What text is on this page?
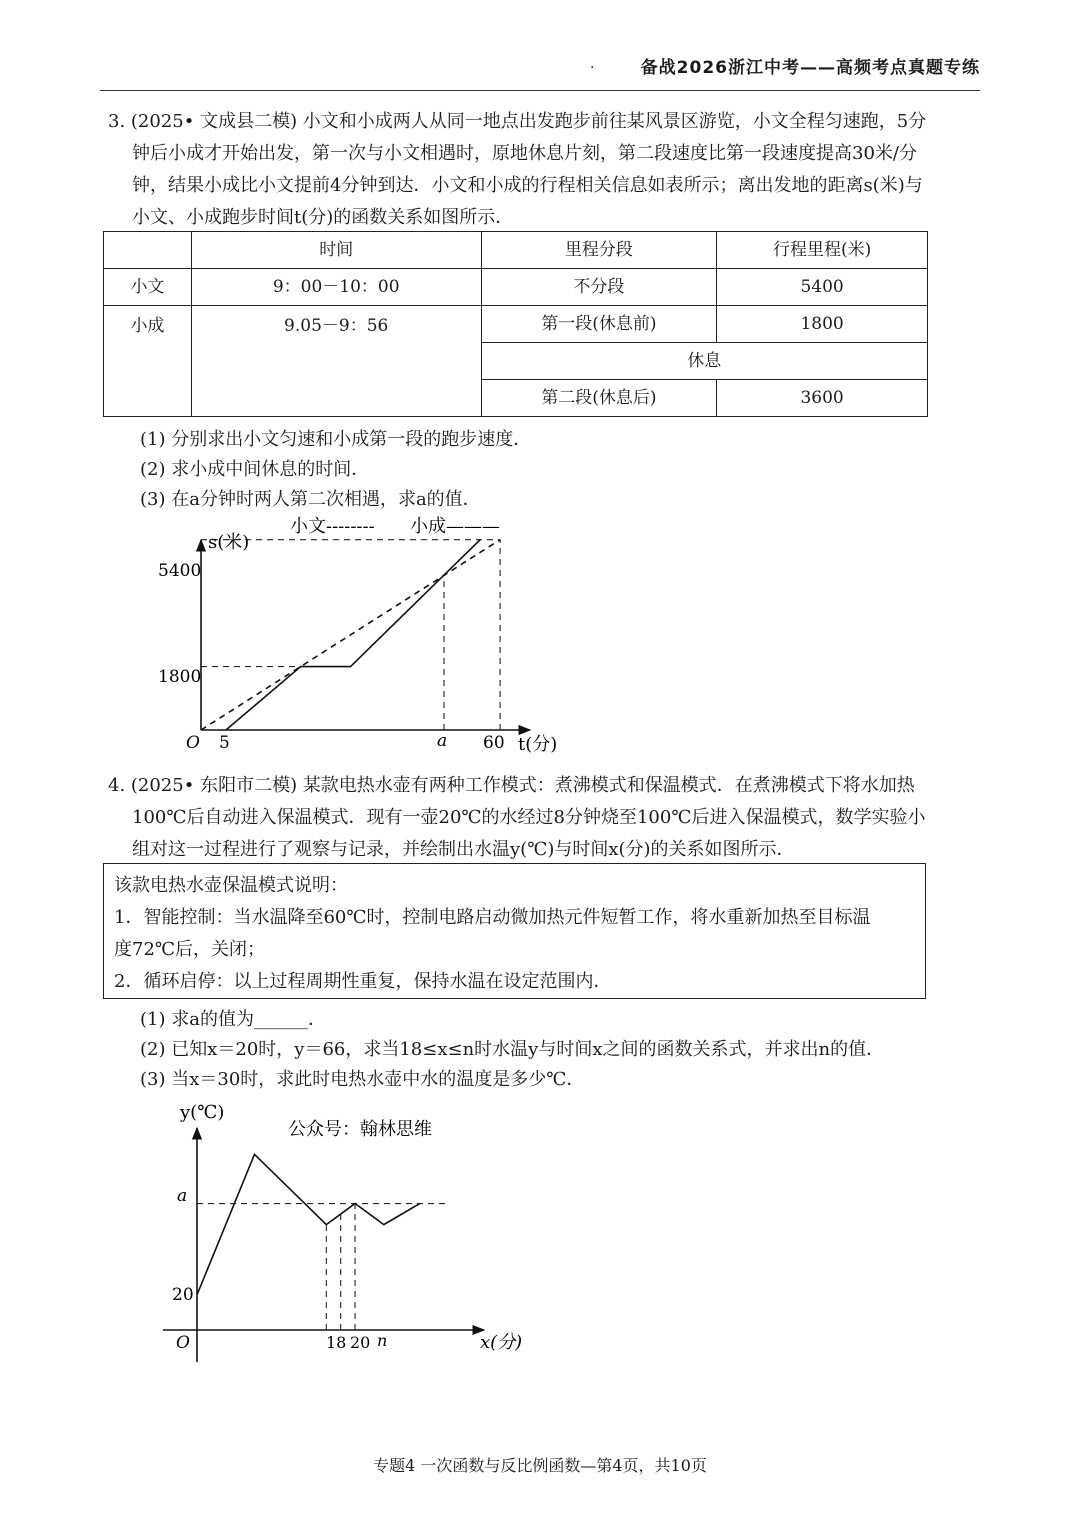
·	备战2026浙江中考——高频考点真题专练
3. (2025• 文成县二模) 小文和小成两人从同一地点出发跑步前往某风景区游览，小文全程匀速跑，5分
钟后小成才开始出发，第一次与小文相遇时，原地休息片刻，第二段速度比第一段速度提高30米/分
钟，结果小成比小文提前4分钟到达．小文和小成的行程相关信息如表所示；离出发地的距离s(米)与
小文、小成跑步时间t(分)的函数关系如图所示．
	时间	里程分段	行程里程(米)
小文	9：00－10：00	不分段	5400
小成	9.05－9：56	第一段(休息前)	1800
		休息	
		第二段(休息后)	3600
(1) 分别求出小文匀速和小成第一段的跑步速度．
(2) 求小成中间休息的时间．
(3) 在a分钟时两人第二次相遇，求a的值．
小文-------- 小成———
s(米)
t(分)
O
5400
1800
5	a 60
4. (2025• 东阳市二模) 某款电热水壶有两种工作模式：煮沸模式和保温模式．在煮沸模式下将水加热
100℃后自动进入保温模式．现有一壶20℃的水经过8分钟烧至100℃后进入保温模式，数学实验小
组对这一过程进行了观察与记录，并绘制出水温y(℃)与时间x(分)的关系如图所示．
该款电热水壶保温模式说明：
1．智能控制：当水温降至60℃时，控制电路启动微加热元件短暂工作，将水重新加热至目标温
度72℃后，关闭；
2．循环启停：以上过程周期性重复，保持水温在设定范围内．
(1) 求a的值为______．
(2) 已知x＝20时，y＝66，求当18≤x≤n时水温y与时间x之间的函数关系式，并求出n的值．
(3) 当x＝30时，求此时电热水壶中水的温度是多少℃．
y(℃)
x(分)
公众号：翰林思维
O
a
20
18 20 n
专题4 一次函数与反比例函数—第4页，共10页
